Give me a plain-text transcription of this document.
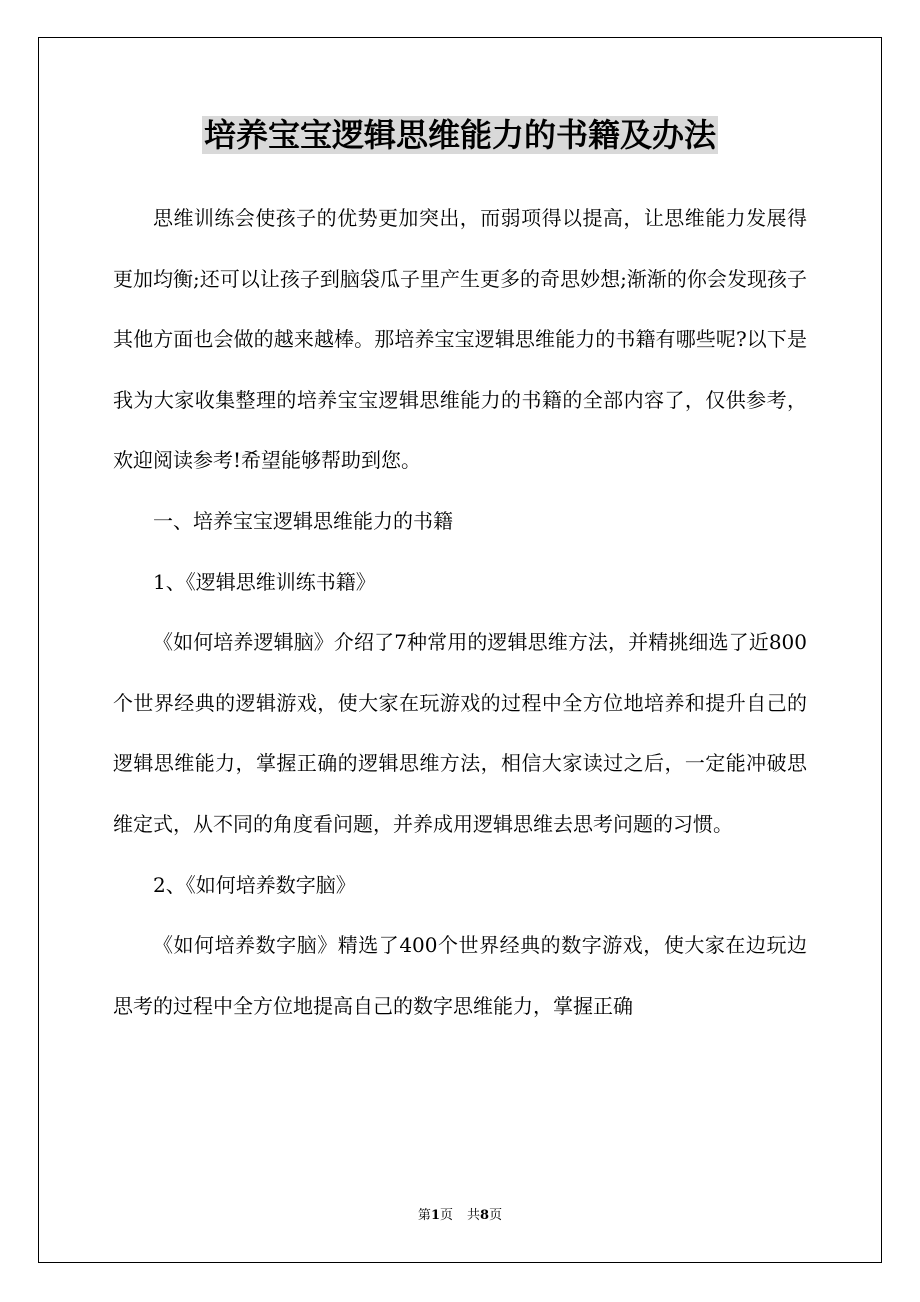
培养宝宝逻辑思维能力的书籍及办法

思维训练会使孩子的优势更加突出，而弱项得以提高，让思维能力发展得更加均衡;还可以让孩子到脑袋瓜子里产生更多的奇思妙想;渐渐的你会发现孩子其他方面也会做的越来越棒。那培养宝宝逻辑思维能力的书籍有哪些呢?以下是我为大家收集整理的培养宝宝逻辑思维能力的书籍的全部内容了，仅供参考，欢迎阅读参考!希望能够帮助到您。

一、培养宝宝逻辑思维能力的书籍

1、《逻辑思维训练书籍》

《如何培养逻辑脑》介绍了7种常用的逻辑思维方法，并精挑细选了近800个世界经典的逻辑游戏，使大家在玩游戏的过程中全方位地培养和提升自己的逻辑思维能力，掌握正确的逻辑思维方法，相信大家读过之后，一定能冲破思维定式，从不同的角度看问题，并养成用逻辑思维去思考问题的习惯。

2、《如何培养数字脑》

《如何培养数字脑》精选了400个世界经典的数字游戏，使大家在边玩边思考的过程中全方位地提高自己的数字思维能力，掌握正确

第1页 共8页
